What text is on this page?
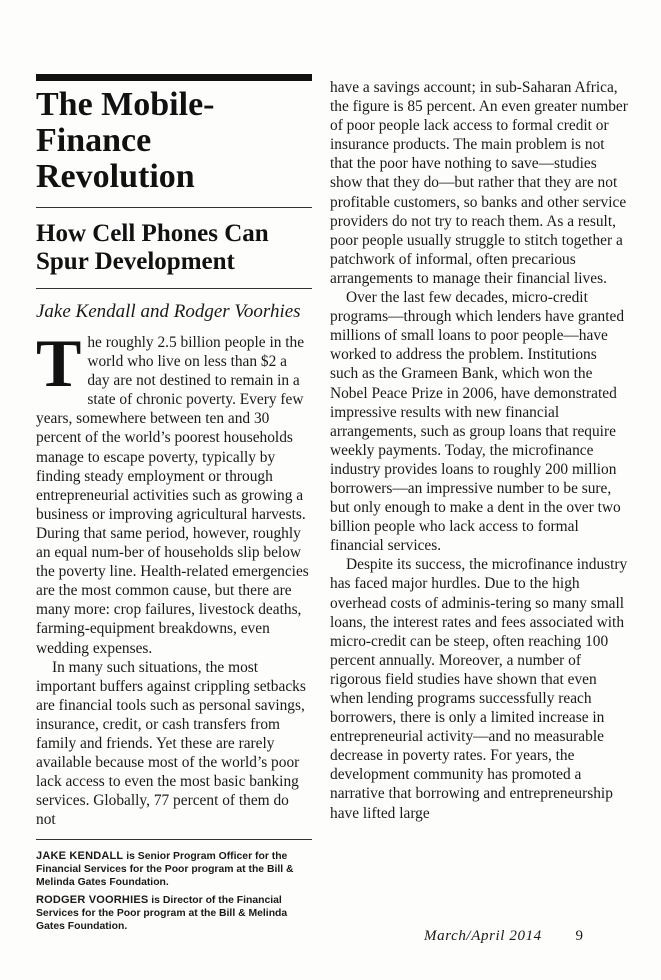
The Mobile-
Finance Revolution
How Cell Phones Can
Spur Development
Jake Kendall and Rodger Voorhies

The roughly 2.5 billion people in the world who live on less than $2 a day are not destined to remain in a state of chronic poverty. Every few years, somewhere between ten and 30 percent of the world’s poorest households manage to escape poverty, typically by finding steady employment or through entrepreneurial activities such as growing a business or improving agricultural harvests. During that same period, however, roughly an equal num-ber of households slip below the poverty line. Health-related emergencies are the most common cause, but there are many more: crop failures, livestock deaths, farming-equipment breakdowns, even wedding expenses.

In many such situations, the most important buffers against crippling setbacks are financial tools such as personal savings, insurance, credit, or cash transfers from family and friends. Yet these are rarely available because most of the world’s poor lack access to even the most basic banking services. Globally, 77 percent of them do not

JAKE KENDALL is Senior Program Officer for the Financial Services for the Poor program at the Bill & Melinda Gates Foundation.

RODGER VOORHIES is Director of the Financial Services for the Poor program at the Bill & Melinda Gates Foundation.

have a savings account; in sub-Saharan Africa, the figure is 85 percent. An even greater number of poor people lack access to formal credit or insurance products. The main problem is not that the poor have nothing to save—studies show that they do—but rather that they are not profitable customers, so banks and other service providers do not try to reach them. As a result, poor people usually struggle to stitch together a patchwork of informal, often precarious arrangements to manage their financial lives.

Over the last few decades, micro-credit programs—through which lenders have granted millions of small loans to poor people—have worked to address the problem. Institutions such as the Grameen Bank, which won the Nobel Peace Prize in 2006, have demonstrated impressive results with new financial arrangements, such as group loans that require weekly payments. Today, the microfinance industry provides loans to roughly 200 million borrowers—an impressive number to be sure, but only enough to make a dent in the over two billion people who lack access to formal financial services.

Despite its success, the microfinance industry has faced major hurdles. Due to the high overhead costs of adminis-tering so many small loans, the interest rates and fees associated with micro-credit can be steep, often reaching 100 percent annually. Moreover, a number of rigorous field studies have shown that even when lending programs successfully reach borrowers, there is only a limited increase in entrepreneurial activity—and no measurable decrease in poverty rates. For years, the development community has promoted a narrative that borrowing and entrepreneurship have lifted large

March/April 2014 9
